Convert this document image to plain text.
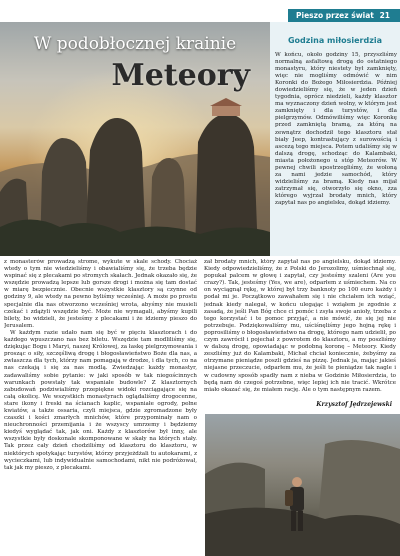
Pieszo przez świat 21
W podobłocznej krainie
Meteory
Godzina miłosierdzia
W końcu, około godziny 15, przyszliśmy normalną asfaltową drogą do ostatniego monastyru, który niestety był zamknięty, więc nie mogliśmy odmówić w nim Koronki do Bożego Miłosierdzia. Później dowiedzieliśmy się, że w jeden dzień tygodnia, oprócz niedzieli, każdy klasztor ma wyznaczony dzień wolny, w którym jest zamknięty i dla turystów, i dla pielgrzymów. Odmówiliśmy więc Koronkę przed zamkniętą bramą, za którą na zewnątrz dochodził tego klasztoru stał biały Jeep, kontrastujący z surowością i ascezą tego miejsca. Potem udaliśmy się w dalszą drogę, schodząc do Kalambaki, miasta położonego u stóp Meteorów. W pewnej chwili spostrzegliśmy, że wołoną za nami jedzie samochód, który widzieliśmy za bramą. Kiedy nas mijał zatrzymał się, otworzyło się okno, zza którego wyjrzał brodaty mnich, który zapytał nas po angielsku, dokąd idziemy.

z monasterów prowadzą strome, wykute w skale schody. Chociaż wtedy o tym nie wiedzieliśmy i obawialiśmy się, że trzeba będzie wspinać się z plecakami po stromych skałach. Jednak okazało się, że wszędzie prowadzą lepsze lub gorsze drogi i można się tam dostać w miarę bezpiecznie. Obecnie wszystkie klasztory są czynne od godziny 9, ale wtedy na pewno byliśmy wcześniej. A może po prostu specjalnie dla nas otworzono wcześniej wrota, abyśmy nie musieli czekać i zdążyli wszędzie być. Może nie wymagali, abyśmy kupili bilety, bo widzieli, że jesteśmy z plecakami i że idziemy pieszo do Jerusalem.

W każdym razie udało nam się być w pięciu klasztorach i do każdego wpuszczano nas bez biletu. Wszędzie tam modliliśmy się, dziękując Bogu i Maryi, naszej Królowej, za łaskę pielgrzymowania i prosząc o siły, szczęśliwą drogę i błogosławieństwo Boże dla nas, a zwłaszcza dla tych, którzy nam pomagają w drodze, i dla tych, co na nas czekają i się za nas modlą. Zwiedzając każdy monastyr, zadawaliśmy sobie pytanie: w jaki sposób w tak niegościnnych warunkach powstały tak wspaniałe budowle? Z klasztornych zabudowań podziwialiśmy przepiękne widoki rozciągające się na całą okolicę. We wszystkich monastyrach oglądaliśmy drogocenne, stare ikony i freski na ścianach kaplic, wspaniałe ogrody, pełne kwiatów, a także ossaria, czyli miejsca, gdzie zgromadzone były czaszki i kości zmarłych mnichów, które przypominały nam o nieuchronności przemijania i że wszyscy umrzemy i będziemy kiedyś wyglądać tak, jak oni. Każdy z klasztorów był inny, ale wszystkie były doskonale skomponowane w skały na których stały. Tak przez cały dzień chodziliśmy od klasztoru do klasztoru, w niektórych spotykając turystów, którzy przyjeżdżali tu autokarami, z wycieczkami, lub indywidualnie samochodami, nikt nie podróżował, tak jak my pieszo, z plecakami.

zał brodaty mnich, który zapytał nas po angielsku, dokąd idziemy. Kiedy odpowiedzieliśmy, że z Polski do Jerozolimy, uśmiechnął się, popukał palcem w głowę i zapytał, czy jesteśmy szaleni (Are you crazy?). Tak, jesteśmy (Yes, we are), odparłem z uśmiechem. Na co on wyciągnął rękę, w której był trzy banknoty po 100 euro każdy i podał mi je. Początkowo zawahałem się i nie chciałem ich wziąć, jednak kiedy nalegał, w końcu ulegając i wziąłem je zgodnie z zasadą, że jeśli Pan Bóg chce ci pomóc i zsyła swoje anioły, trzeba z tego korzystać i te pomoc przyjąć, a nie mówić, że się jej nie potrzebuje. Podziękowaliśmy mu, uściśnęliśmy jego hojną rękę i poprosiliśmy o błogosławieństwo na drogę, którego nam udzielił, po czym zawrócił i pojechał z powrotem do klasztoru, a my poszliśmy w dalszą drogę, opowiadając w podobną koronę – Meteory. Kiedy zeszliśmy już do Kalambaki, Michał chciał koniecznie, żebyśmy za otrzymane pieniądze poszli gdzieś na pizzę. Jednak ja, mając jakieś niejasne przeczucie, odparłem mu, że jeśli te pieniądze tak nagle i w cudowny sposób spadły nam z nieba w Godzinie Miłosierdzia, to będą nam do czegoś potrzebne, więc lepiej ich nie tracić. Wkrótce miało okazać się, że miałem rację. Ale o tym następnym razem.

Krzysztof Jędrzejewski
